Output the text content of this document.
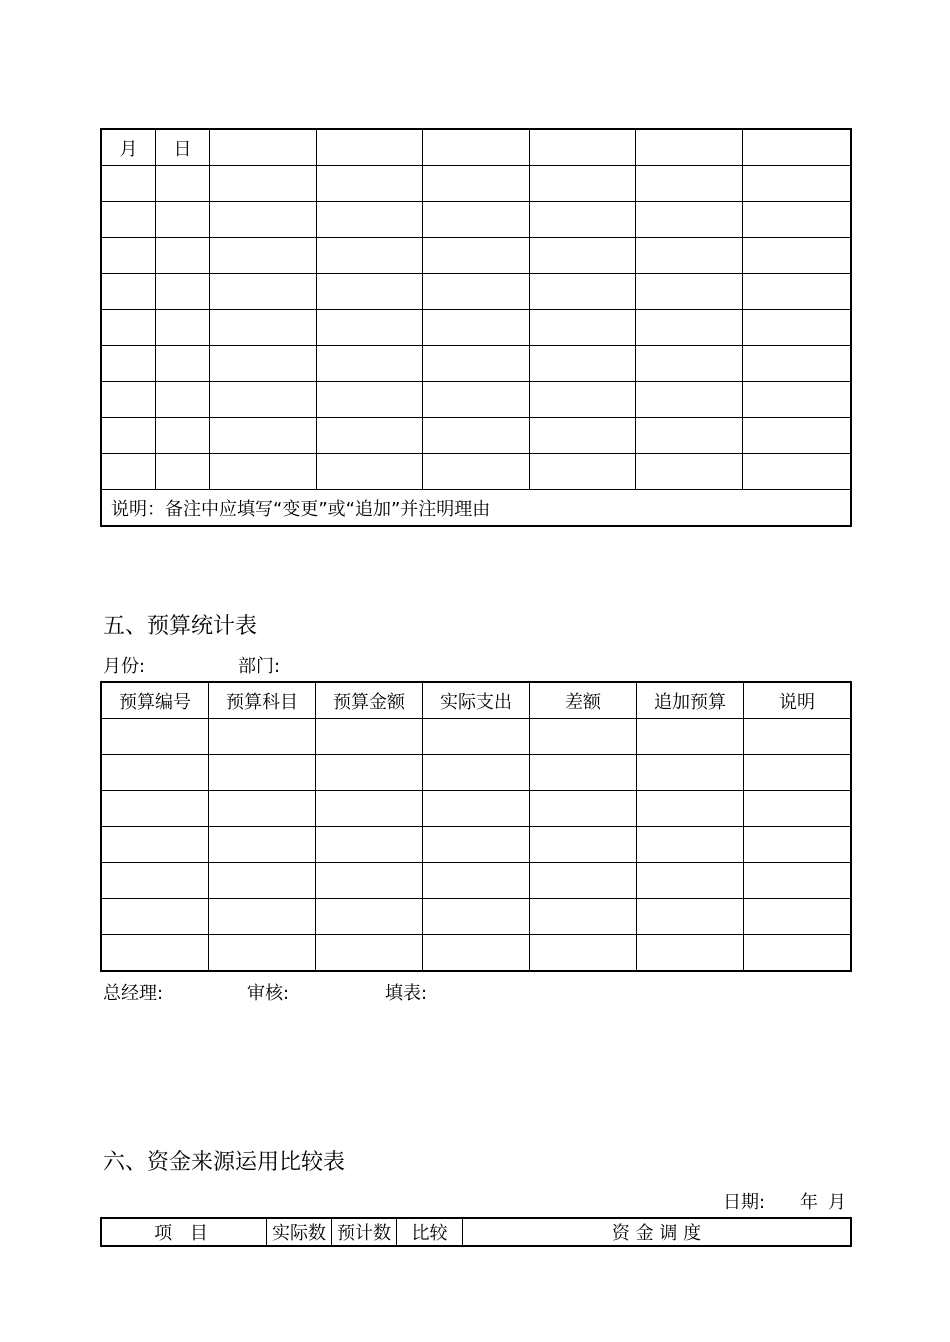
月	日						

说明：备注中应填写“变更”或“追加”并注明理由							
五、预算统计表
月份:	部门:
预算编号	预算科目	预算金额	实际支出	差额	追加预算	说明

总经理:	审核:	填表:
六、资金来源运用比较表
日期: 年 月
项 目	实际数	预计数	比较	资 金 调 度
